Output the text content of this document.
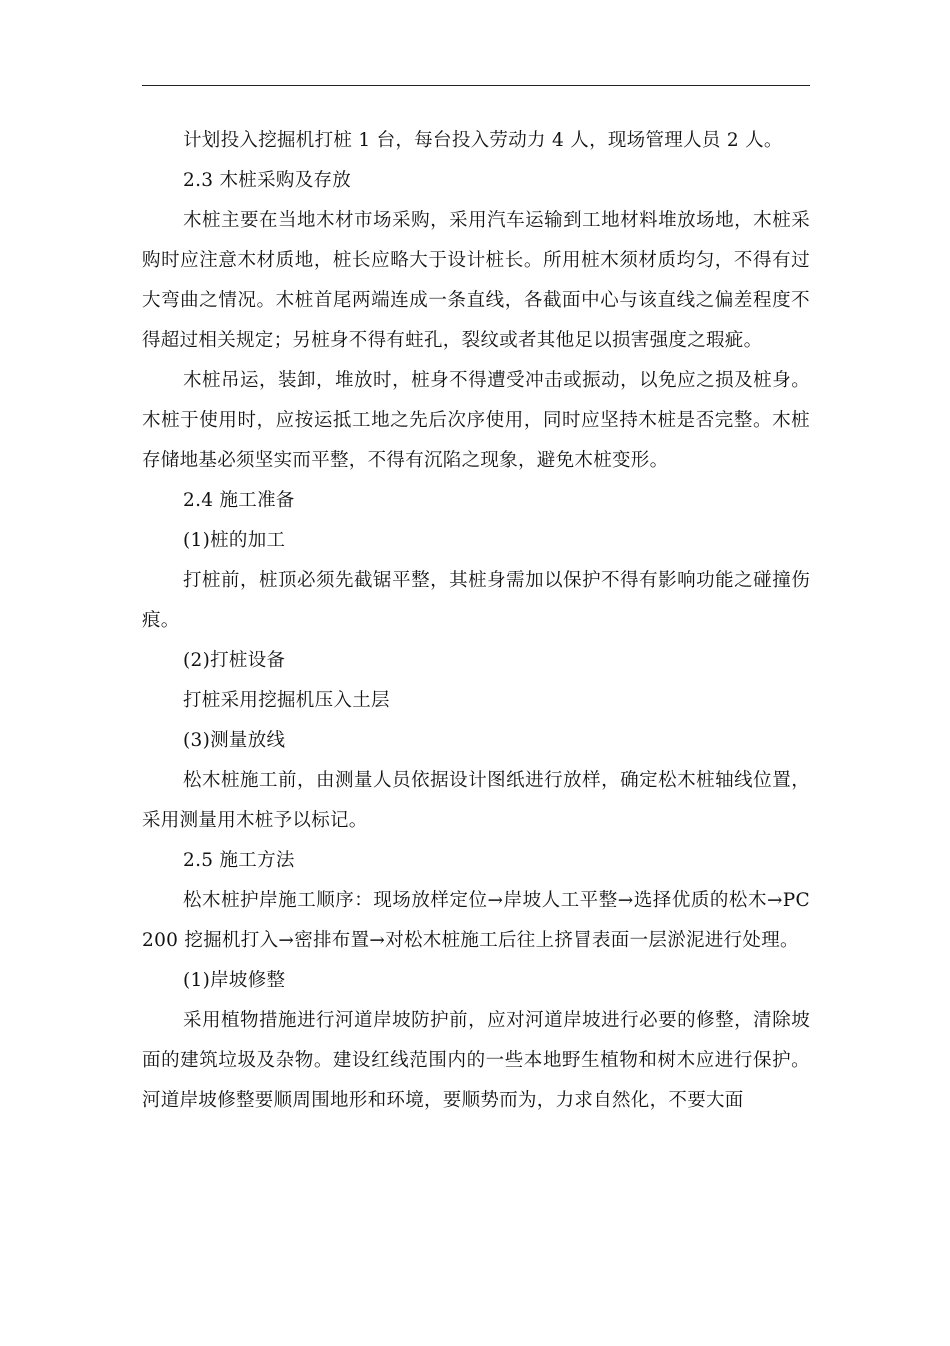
计划投入挖掘机打桩 1 台，每台投入劳动力 4 人，现场管理人员 2 人。

2.3 木桩采购及存放

木桩主要在当地木材市场采购，采用汽车运输到工地材料堆放场地，木桩采购时应注意木材质地，桩长应略大于设计桩长。所用桩木须材质均匀，不得有过大弯曲之情况。木桩首尾两端连成一条直线，各截面中心与该直线之偏差程度不得超过相关规定；另桩身不得有蛀孔，裂纹或者其他足以损害强度之瑕疵。

木桩吊运，装卸，堆放时，桩身不得遭受冲击或振动，以免应之损及桩身。木桩于使用时，应按运抵工地之先后次序使用，同时应坚持木桩是否完整。木桩存储地基必须坚实而平整，不得有沉陷之现象，避免木桩变形。

2.4 施工准备

(1)桩的加工

打桩前，桩顶必须先截锯平整，其桩身需加以保护不得有影响功能之碰撞伤痕。

(2)打桩设备

打桩采用挖掘机压入土层

(3)测量放线

松木桩施工前，由测量人员依据设计图纸进行放样，确定松木桩轴线位置，采用测量用木桩予以标记。

2.5 施工方法

松木桩护岸施工顺序：现场放样定位→岸坡人工平整→选择优质的松木→PC200 挖掘机打入→密排布置→对松木桩施工后往上挤冒表面一层淤泥进行处理。

(1)岸坡修整

采用植物措施进行河道岸坡防护前，应对河道岸坡进行必要的修整，清除坡面的建筑垃圾及杂物。建设红线范围内的一些本地野生植物和树木应进行保护。河道岸坡修整要顺周围地形和环境，要顺势而为，力求自然化，不要大面
